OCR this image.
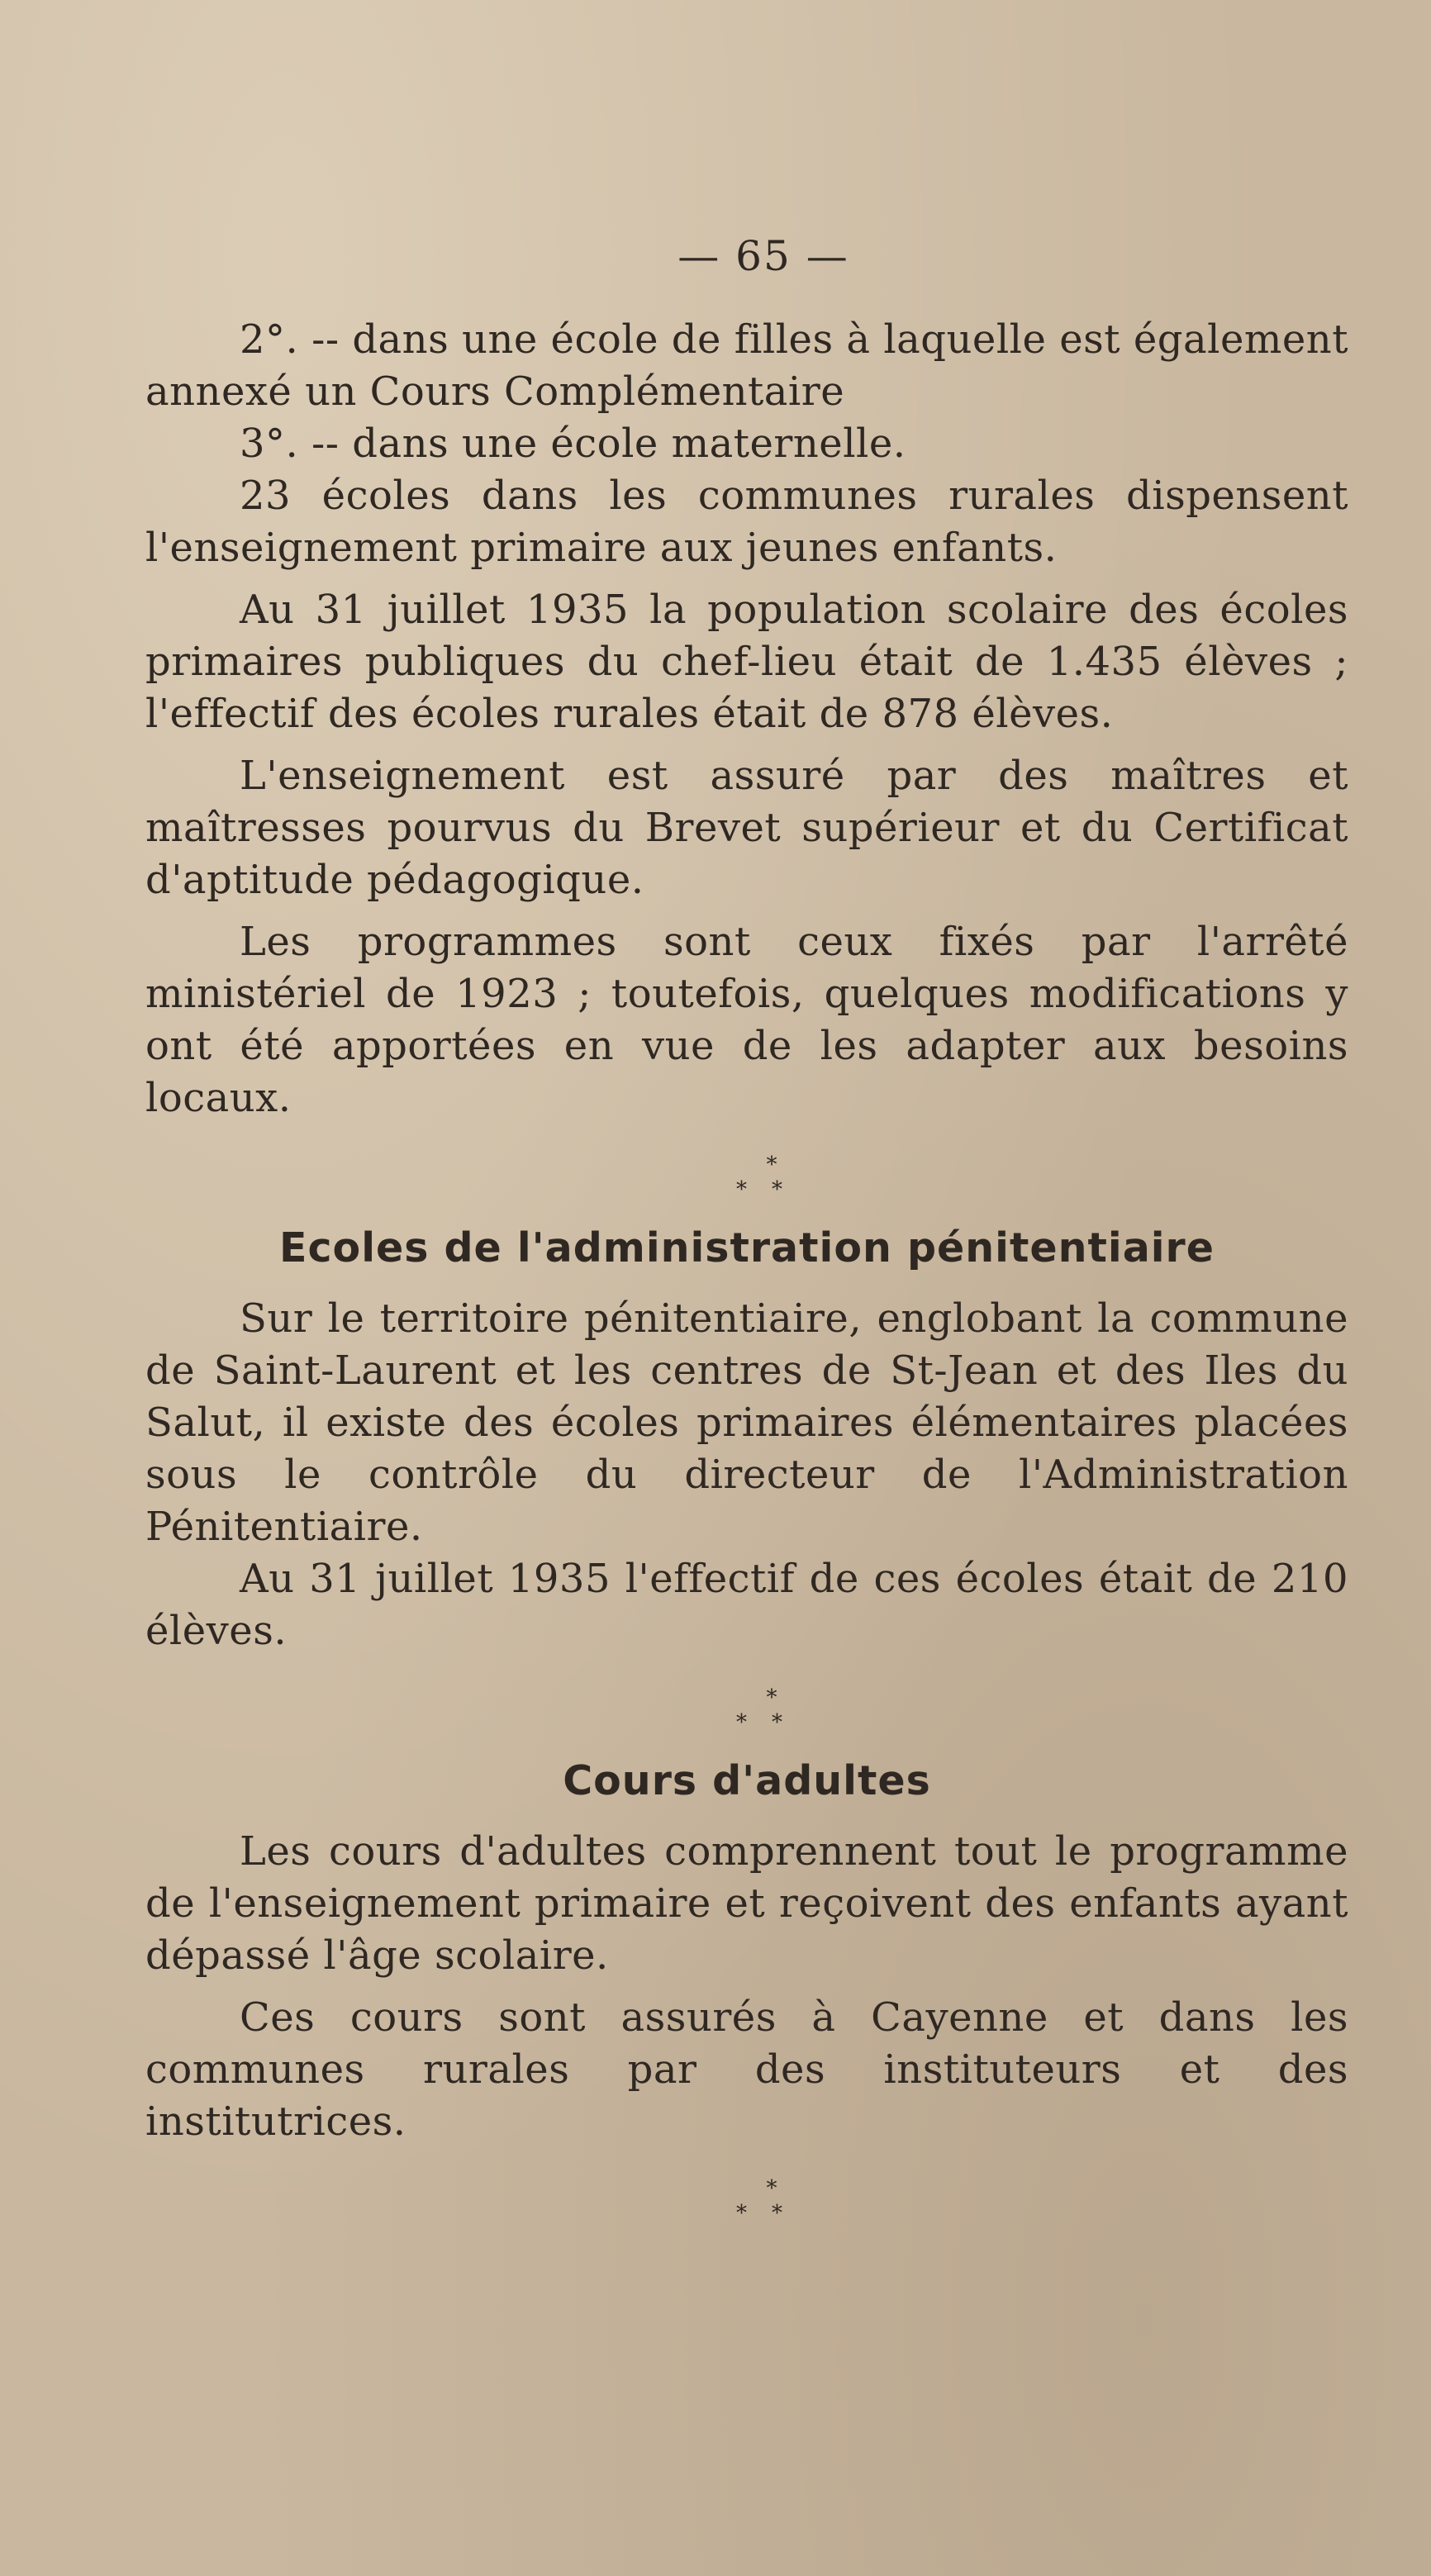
— 65 —

2°. -- dans une école de filles à laquelle est également annexé un Cours Complémentaire

3°. -- dans une école maternelle.

23 écoles dans les communes rurales dispensent l'enseignement primaire aux jeunes enfants.

Au 31 juillet 1935 la population scolaire des écoles primaires publiques du chef-lieu était de 1.435 élèves ; l'effectif des écoles rurales était de 878 élèves.

L'enseignement est assuré par des maîtres et maîtresses pourvus du Brevet supérieur et du Certificat d'aptitude pédagogique.

Les programmes sont ceux fixés par l'arrêté ministériel de 1923 ; toutefois, quelques modifications y ont été apportées en vue de les adapter aux besoins locaux.

*
**
Ecoles de l'administration pénitentiaire

Sur le territoire pénitentiaire, englobant la commune de Saint-Laurent et les centres de St-Jean et des Iles du Salut, il existe des écoles primaires élémentaires placées sous le contrôle du directeur de l'Administration Pénitentiaire.

Au 31 juillet 1935 l'effectif de ces écoles était de 210 élèves.

*
**
Cours d'adultes

Les cours d'adultes comprennent tout le programme de l'enseignement primaire et reçoivent des enfants ayant dépassé l'âge scolaire.

Ces cours sont assurés à Cayenne et dans les communes rurales par des instituteurs et des institutrices.

*
**
